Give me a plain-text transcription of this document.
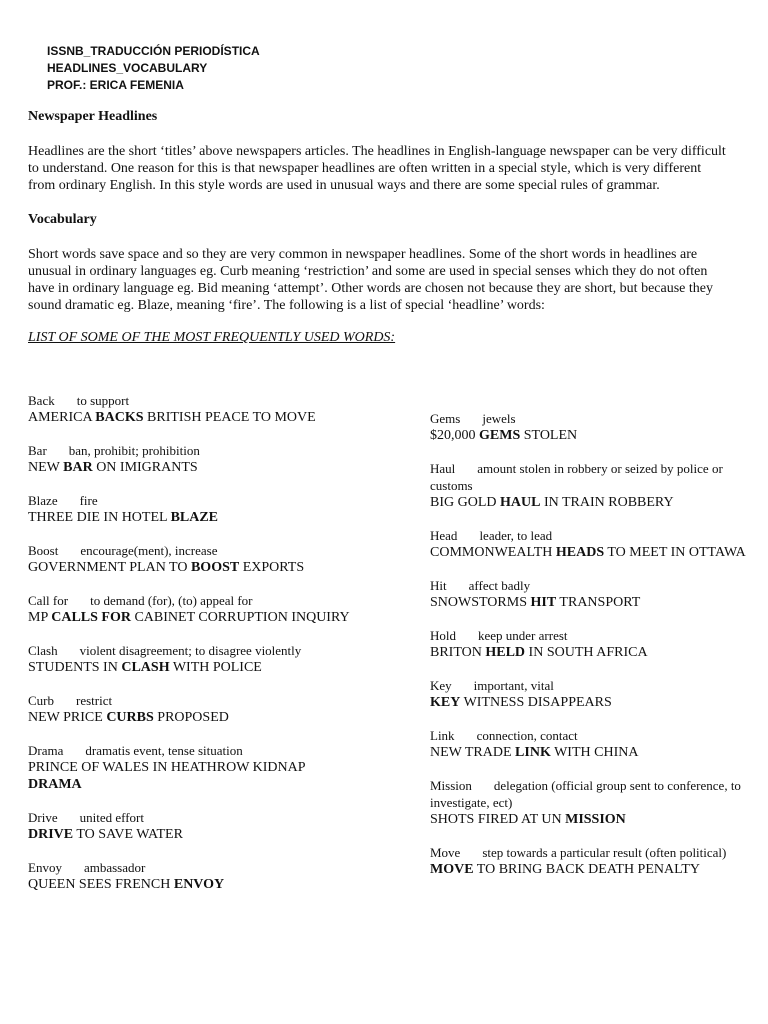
ISSNB_TRADUCCIÓN PERIODÍSTICA
HEADLINES_VOCABULARY
PROF.: ERICA FEMENIA
Newspaper Headlines

Headlines are the short ‘titles’ above newspapers articles. The headlines in English-language newspaper can be very difficult to understand. One reason for this is that newspaper headlines are often written in a special style, which is very different from ordinary English. In this style words are used in unusual ways and there are some special rules of grammar.

Vocabulary

Short words save space and so they are very common in newspaper headlines. Some of the short words in headlines are unusual in ordinary languages eg. Curb meaning ‘restriction’ and some are used in special senses which they do not often have in ordinary language eg. Bid meaning ‘attempt’. Other words are chosen not because they are short, but because they sound dramatic eg. Blaze, meaning ‘fire’. The following is a list of special ‘headline’ words:

LIST OF SOME OF THE MOST FREQUENTLY USED WORDS:

Back to support
AMERICA BACKS BRITISH PEACE TO MOVE
Bar ban, prohibit; prohibition
NEW BAR ON IMIGRANTS
Blaze fire
THREE DIE IN HOTEL BLAZE
Boost encourage(ment), increase
GOVERNMENT PLAN TO BOOST EXPORTS
Call for to demand (for), (to) appeal for
MP CALLS FOR CABINET CORRUPTION INQUIRY
Clash violent disagreement; to disagree violently
STUDENTS IN CLASH WITH POLICE
Curb restrict
NEW PRICE CURBS PROPOSED
Drama dramatis event, tense situation
PRINCE OF WALES IN HEATHROW KIDNAP DRAMA
Drive united effort
DRIVE TO SAVE WATER
Envoy ambassador
QUEEN SEES FRENCH ENVOY
Gems jewels
$20,000 GEMS STOLEN
Haul amount stolen in robbery or seized by police or customs
BIG GOLD HAUL IN TRAIN ROBBERY
Head leader, to lead
COMMONWEALTH HEADS TO MEET IN OTTAWA
Hit affect badly
SNOWSTORMS HIT TRANSPORT
Hold keep under arrest
BRITON HELD IN SOUTH AFRICA
Key important, vital
KEY WITNESS DISAPPEARS
Link connection, contact
NEW TRADE LINK WITH CHINA
Mission delegation (official group sent to conference, to investigate, ect)
SHOTS FIRED AT UN MISSION
Move step towards a particular result (often political)
MOVE TO BRING BACK DEATH PENALTY
